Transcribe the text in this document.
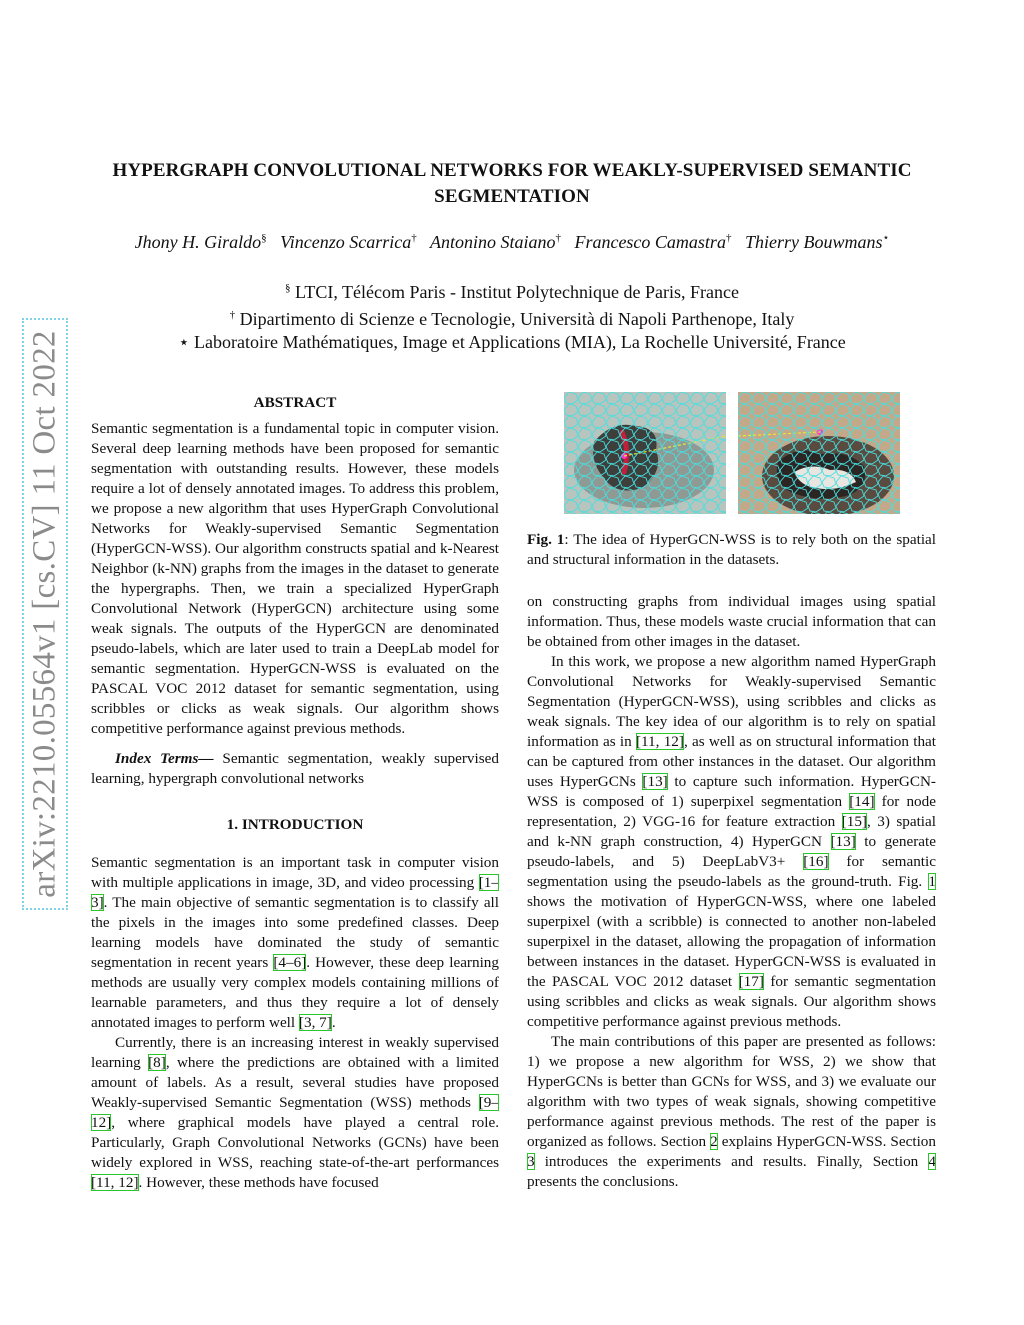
arXiv:2210.05564v1 [cs.CV] 11 Oct 2022
HYPERGRAPH CONVOLUTIONAL NETWORKS FOR WEAKLY-SUPERVISED SEMANTIC SEGMENTATION
Jhony H. Giraldo§ Vincenzo Scarrica† Antonino Staiano† Francesco Camastra† Thierry Bouwmans⋆
§ LTCI, Télécom Paris - Institut Polytechnique de Paris, France
† Dipartimento di Scienze e Tecnologie, Università di Napoli Parthenope, Italy
⋆ Laboratoire Mathématiques, Image et Applications (MIA), La Rochelle Université, France
ABSTRACT

Semantic segmentation is a fundamental topic in computer vision. Several deep learning methods have been proposed for semantic segmentation with outstanding results. However, these models require a lot of densely annotated images. To address this problem, we propose a new algorithm that uses HyperGraph Convolutional Networks for Weakly-supervised Semantic Segmentation (HyperGCN-WSS). Our algorithm constructs spatial and k-Nearest Neighbor (k-NN) graphs from the images in the dataset to generate the hypergraphs. Then, we train a specialized HyperGraph Convolutional Network (HyperGCN) architecture using some weak signals. The outputs of the HyperGCN are denominated pseudo-labels, which are later used to train a DeepLab model for semantic segmentation. HyperGCN-WSS is evaluated on the PASCAL VOC 2012 dataset for semantic segmentation, using scribbles or clicks as weak signals. Our algorithm shows competitive performance against previous methods.

Index Terms— Semantic segmentation, weakly supervised learning, hypergraph convolutional networks

1. INTRODUCTION

Semantic segmentation is an important task in computer vision with multiple applications in image, 3D, and video processing [1–3]. The main objective of semantic segmentation is to classify all the pixels in the images into some predefined classes. Deep learning models have dominated the study of semantic segmentation in recent years [4–6]. However, these deep learning methods are usually very complex models containing millions of learnable parameters, and thus they require a lot of densely annotated images to perform well [3, 7].

Currently, there is an increasing interest in weakly supervised learning [8], where the predictions are obtained with a limited amount of labels. As a result, several studies have proposed Weakly-supervised Semantic Segmentation (WSS) methods [9–12], where graphical models have played a central role. Particularly, Graph Convolutional Networks (GCNs) have been widely explored in WSS, reaching state-of-the-art performances [11, 12]. However, these methods have focused

Fig. 1: The idea of HyperGCN-WSS is to rely both on the spatial and structural information in the datasets.

on constructing graphs from individual images using spatial information. Thus, these models waste crucial information that can be obtained from other images in the dataset.

In this work, we propose a new algorithm named HyperGraph Convolutional Networks for Weakly-supervised Semantic Segmentation (HyperGCN-WSS), using scribbles and clicks as weak signals. The key idea of our algorithm is to rely on spatial information as in [11, 12], as well as on structural information that can be captured from other instances in the dataset. Our algorithm uses HyperGCNs [13] to capture such information. HyperGCN-WSS is composed of 1) superpixel segmentation [14] for node representation, 2) VGG-16 for feature extraction [15], 3) spatial and k-NN graph construction, 4) HyperGCN [13] to generate pseudo-labels, and 5) DeepLabV3+ [16] for semantic segmentation using the pseudo-labels as the ground-truth. Fig. 1 shows the motivation of HyperGCN-WSS, where one labeled superpixel (with a scribble) is connected to another non-labeled superpixel in the dataset, allowing the propagation of information between instances in the dataset. HyperGCN-WSS is evaluated in the PASCAL VOC 2012 dataset [17] for semantic segmentation using scribbles and clicks as weak signals. Our algorithm shows competitive performance against previous methods.

The main contributions of this paper are presented as follows: 1) we propose a new algorithm for WSS, 2) we show that HyperGCNs is better than GCNs for WSS, and 3) we evaluate our algorithm with two types of weak signals, showing competitive performance against previous methods. The rest of the paper is organized as follows. Section 2 explains HyperGCN-WSS. Section 3 introduces the experiments and results. Finally, Section 4 presents the conclusions.
